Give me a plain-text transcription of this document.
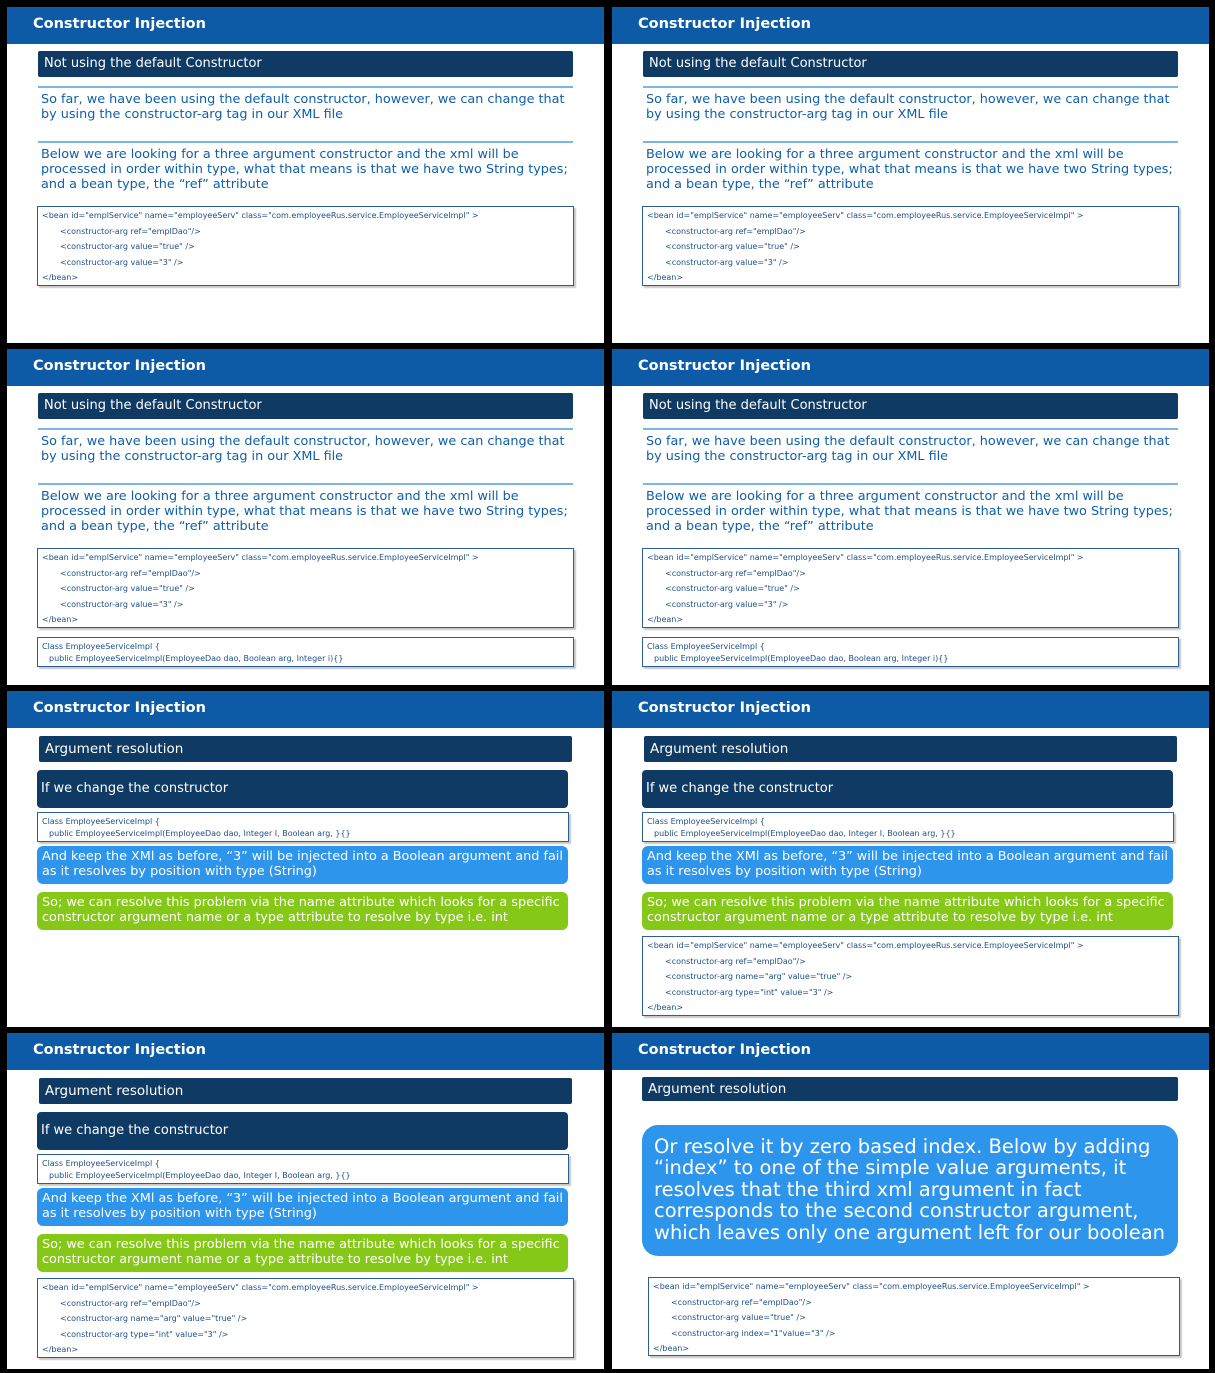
Constructor Injection
Not using the default Constructor
So far, we have been using the default constructor, however, we can change that by using the constructor-arg tag in our XML file
Below we are looking for a three argument constructor and the xml will be processed in order within type, what that means is that we have two String types; and a bean type, the “ref” attribute
<bean id="emplService" name="employeeServ" class="com.employeeRus.service.EmployeeServiceImpl" >
<constructor-arg ref="emplDao"/>
<constructor-arg value="true" />
<constructor-arg value="3" />
</bean>
Constructor Injection
Not using the default Constructor
So far, we have been using the default constructor, however, we can change that by using the constructor-arg tag in our XML file
Below we are looking for a three argument constructor and the xml will be processed in order within type, what that means is that we have two String types; and a bean type, the “ref” attribute
<bean id="emplService" name="employeeServ" class="com.employeeRus.service.EmployeeServiceImpl" >
<constructor-arg ref="emplDao"/>
<constructor-arg value="true" />
<constructor-arg value="3" />
</bean>
Constructor Injection
Not using the default Constructor
So far, we have been using the default constructor, however, we can change that by using the constructor-arg tag in our XML file
Below we are looking for a three argument constructor and the xml will be processed in order within type, what that means is that we have two String types; and a bean type, the “ref” attribute
<bean id="emplService" name="employeeServ" class="com.employeeRus.service.EmployeeServiceImpl" >
<constructor-arg ref="emplDao"/>
<constructor-arg value="true" />
<constructor-arg value="3" />
</bean>
Class EmployeeServiceImpl {
public EmployeeServiceImpl(EmployeeDao dao, Boolean arg, Integer i){}
Constructor Injection
Not using the default Constructor
So far, we have been using the default constructor, however, we can change that by using the constructor-arg tag in our XML file
Below we are looking for a three argument constructor and the xml will be processed in order within type, what that means is that we have two String types; and a bean type, the “ref” attribute
<bean id="emplService" name="employeeServ" class="com.employeeRus.service.EmployeeServiceImpl" >
<constructor-arg ref="emplDao"/>
<constructor-arg value="true" />
<constructor-arg value="3" />
</bean>
Class EmployeeServiceImpl {
public EmployeeServiceImpl(EmployeeDao dao, Boolean arg, Integer i){}
Constructor Injection
Argument resolution
If we change the constructor
Class EmployeeServiceImpl {
public EmployeeServiceImpl(EmployeeDao dao, Integer I, Boolean arg, }{}
And keep the XMl as before, “3” will be injected into a Boolean argument and fail as it resolves by position with type (String)
So; we can resolve this problem via the name attribute which looks for a specific constructor argument name or a type attribute to resolve by type i.e. int
Constructor Injection
Argument resolution
If we change the constructor
Class EmployeeServiceImpl {
public EmployeeServiceImpl(EmployeeDao dao, Integer I, Boolean arg, }{}
And keep the XMl as before, “3” will be injected into a Boolean argument and fail as it resolves by position with type (String)
So; we can resolve this problem via the name attribute which looks for a specific constructor argument name or a type attribute to resolve by type i.e. int
<bean id="emplService" name="employeeServ" class="com.employeeRus.service.EmployeeServiceImpl" >
<constructor-arg ref="emplDao"/>
<constructor-arg name="arg" value="true" />
<constructor-arg type="int" value="3" />
</bean>
Constructor Injection
Argument resolution
If we change the constructor
Class EmployeeServiceImpl {
public EmployeeServiceImpl(EmployeeDao dao, Integer I, Boolean arg, }{}
And keep the XMl as before, “3” will be injected into a Boolean argument and fail as it resolves by position with type (String)
So; we can resolve this problem via the name attribute which looks for a specific constructor argument name or a type attribute to resolve by type i.e. int
<bean id="emplService" name="employeeServ" class="com.employeeRus.service.EmployeeServiceImpl" >
<constructor-arg ref="emplDao"/>
<constructor-arg name="arg" value="true" />
<constructor-arg type="int" value="3" />
</bean>
Constructor Injection
Argument resolution
Or resolve it by zero based index. Below by adding “index” to one of the simple value arguments, it resolves that the third xml argument in fact corresponds to the second constructor argument, which leaves only one argument left for our boolean
<bean id="emplService" name="employeeServ" class="com.employeeRus.service.EmployeeServiceImpl" >
<constructor-arg ref="emplDao"/>
<constructor-arg value="true" />
<constructor-arg index="1"value="3" />
</bean>
